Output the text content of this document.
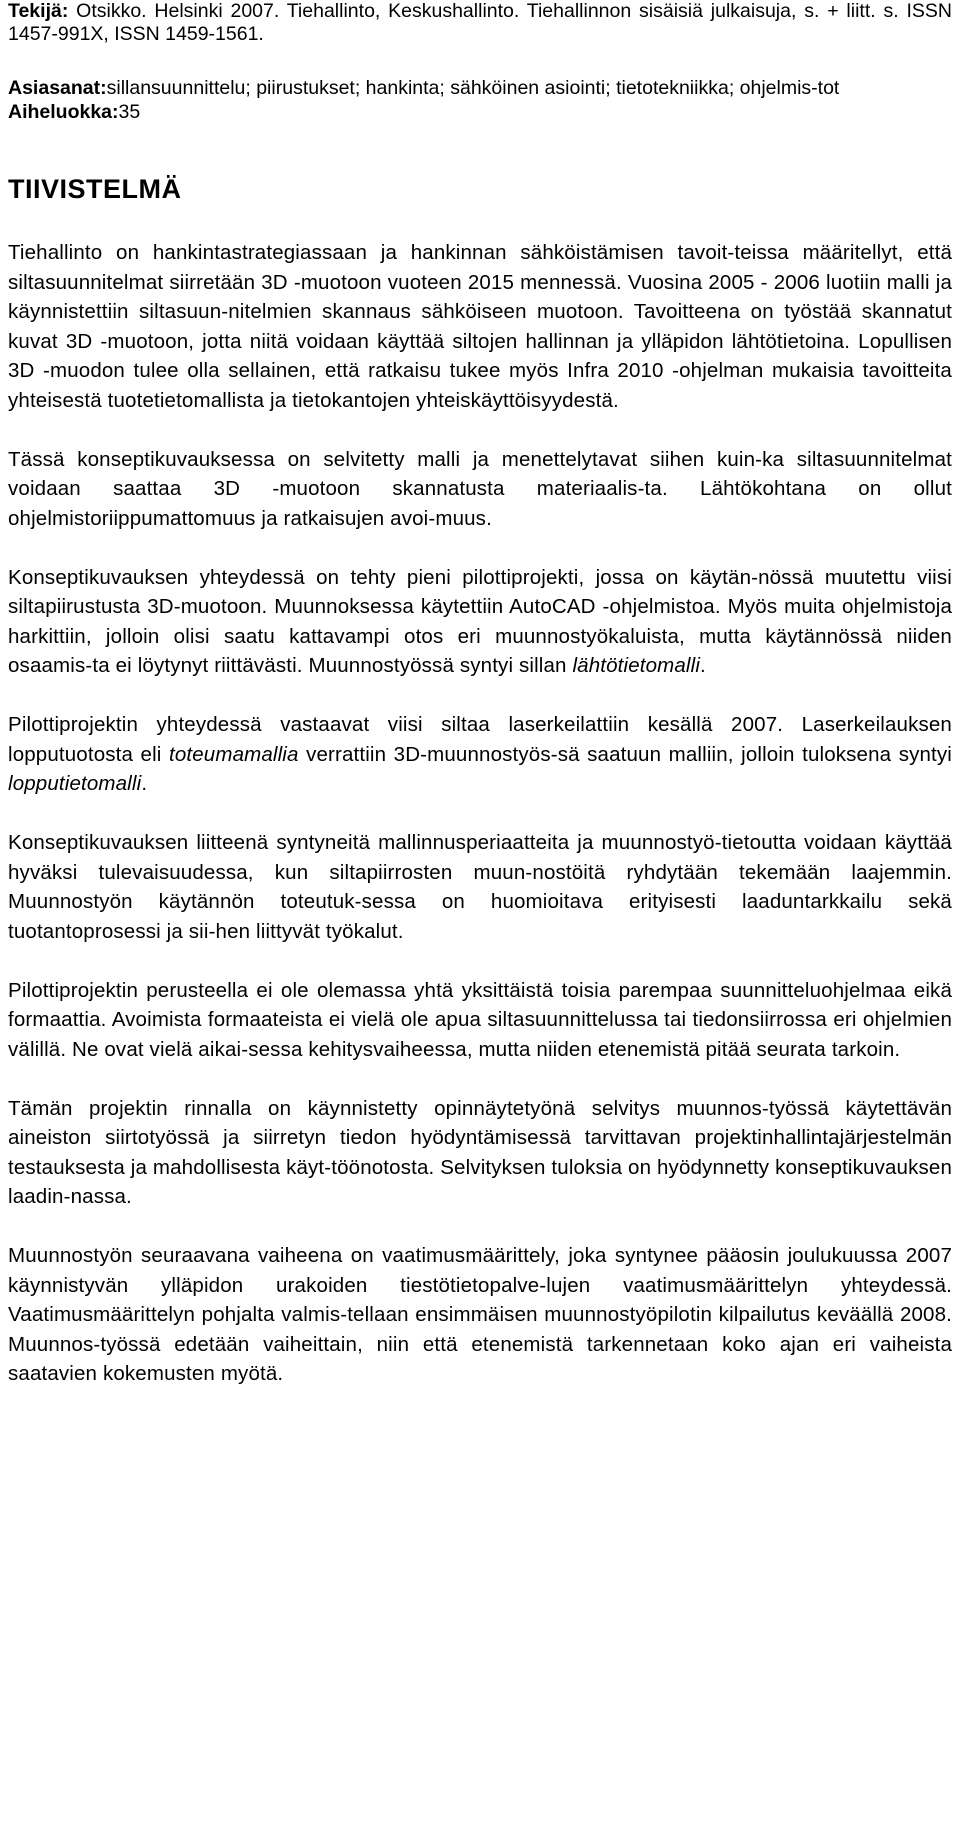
Tekijä: Otsikko. Helsinki 2007. Tiehallinto, Keskushallinto. Tiehallinnon sisäisiä julkaisuja, s. + liitt. s. ISSN 1457-991X, ISSN 1459-1561.
Asiasanat:sillansuunnittelu; piirustukset; hankinta; sähköinen asiointi; tietotekniikka; ohjelmis-tot
Aiheluokka:35
TIIVISTELMÄ

Tiehallinto on hankintastrategiassaan ja hankinnan sähköistämisen tavoit-teissa määritellyt, että siltasuunnitelmat siirretään 3D -muotoon vuoteen 2015 mennessä. Vuosina 2005 - 2006 luotiin malli ja käynnistettiin siltasuun-nitelmien skannaus sähköiseen muotoon. Tavoitteena on työstää skannatut kuvat 3D -muotoon, jotta niitä voidaan käyttää siltojen hallinnan ja ylläpidon lähtötietoina. Lopullisen 3D -muodon tulee olla sellainen, että ratkaisu tukee myös Infra 2010 -ohjelman mukaisia tavoitteita yhteisestä tuotetietomallista ja tietokantojen yhteiskäyttöisyydestä.

Tässä konseptikuvauksessa on selvitetty malli ja menettelytavat siihen kuin-ka siltasuunnitelmat voidaan saattaa 3D -muotoon skannatusta materiaalis-ta. Lähtökohtana on ollut ohjelmistoriippumattomuus ja ratkaisujen avoi-muus.

Konseptikuvauksen yhteydessä on tehty pieni pilottiprojekti, jossa on käytän-nössä muutettu viisi siltapiirustusta 3D-muotoon. Muunnoksessa käytettiin AutoCAD -ohjelmistoa. Myös muita ohjelmistoja harkittiin, jolloin olisi saatu kattavampi otos eri muunnostyökaluista, mutta käytännössä niiden osaamis-ta ei löytynyt riittävästi. Muunnostyössä syntyi sillan lähtötietomalli.

Pilottiprojektin yhteydessä vastaavat viisi siltaa laserkeilattiin kesällä 2007. Laserkeilauksen lopputuotosta eli toteumamallia verrattiin 3D-muunnostyös-sä saatuun malliin, jolloin tuloksena syntyi lopputietomalli.

Konseptikuvauksen liitteenä syntyneitä mallinnusperiaatteita ja muunnostyö-tietoutta voidaan käyttää hyväksi tulevaisuudessa, kun siltapiirrosten muun-nostöitä ryhdytään tekemään laajemmin. Muunnostyön käytännön toteutuk-sessa on huomioitava erityisesti laaduntarkkailu sekä tuotantoprosessi ja sii-hen liittyvät työkalut.

Pilottiprojektin perusteella ei ole olemassa yhtä yksittäistä toisia parempaa suunnitteluohjelmaa eikä formaattia. Avoimista formaateista ei vielä ole apua siltasuunnittelussa tai tiedonsiirrossa eri ohjelmien välillä. Ne ovat vielä aikai-sessa kehitysvaiheessa, mutta niiden etenemistä pitää seurata tarkoin.

Tämän projektin rinnalla on käynnistetty opinnäytetyönä selvitys muunnos-työssä käytettävän aineiston siirtotyössä ja siirretyn tiedon hyödyntämisessä tarvittavan projektinhallintajärjestelmän testauksesta ja mahdollisesta käyt-töönotosta. Selvityksen tuloksia on hyödynnetty konseptikuvauksen laadin-nassa.

Muunnostyön seuraavana vaiheena on vaatimusmäärittely, joka syntynee pääosin joulukuussa 2007 käynnistyvän ylläpidon urakoiden tiestötietopalve-lujen vaatimusmäärittelyn yhteydessä. Vaatimusmäärittelyn pohjalta valmis-tellaan ensimmäisen muunnostyöpilotin kilpailutus keväällä 2008. Muunnos-työssä edetään vaiheittain, niin että etenemistä tarkennetaan koko ajan eri vaiheista saatavien kokemusten myötä.
